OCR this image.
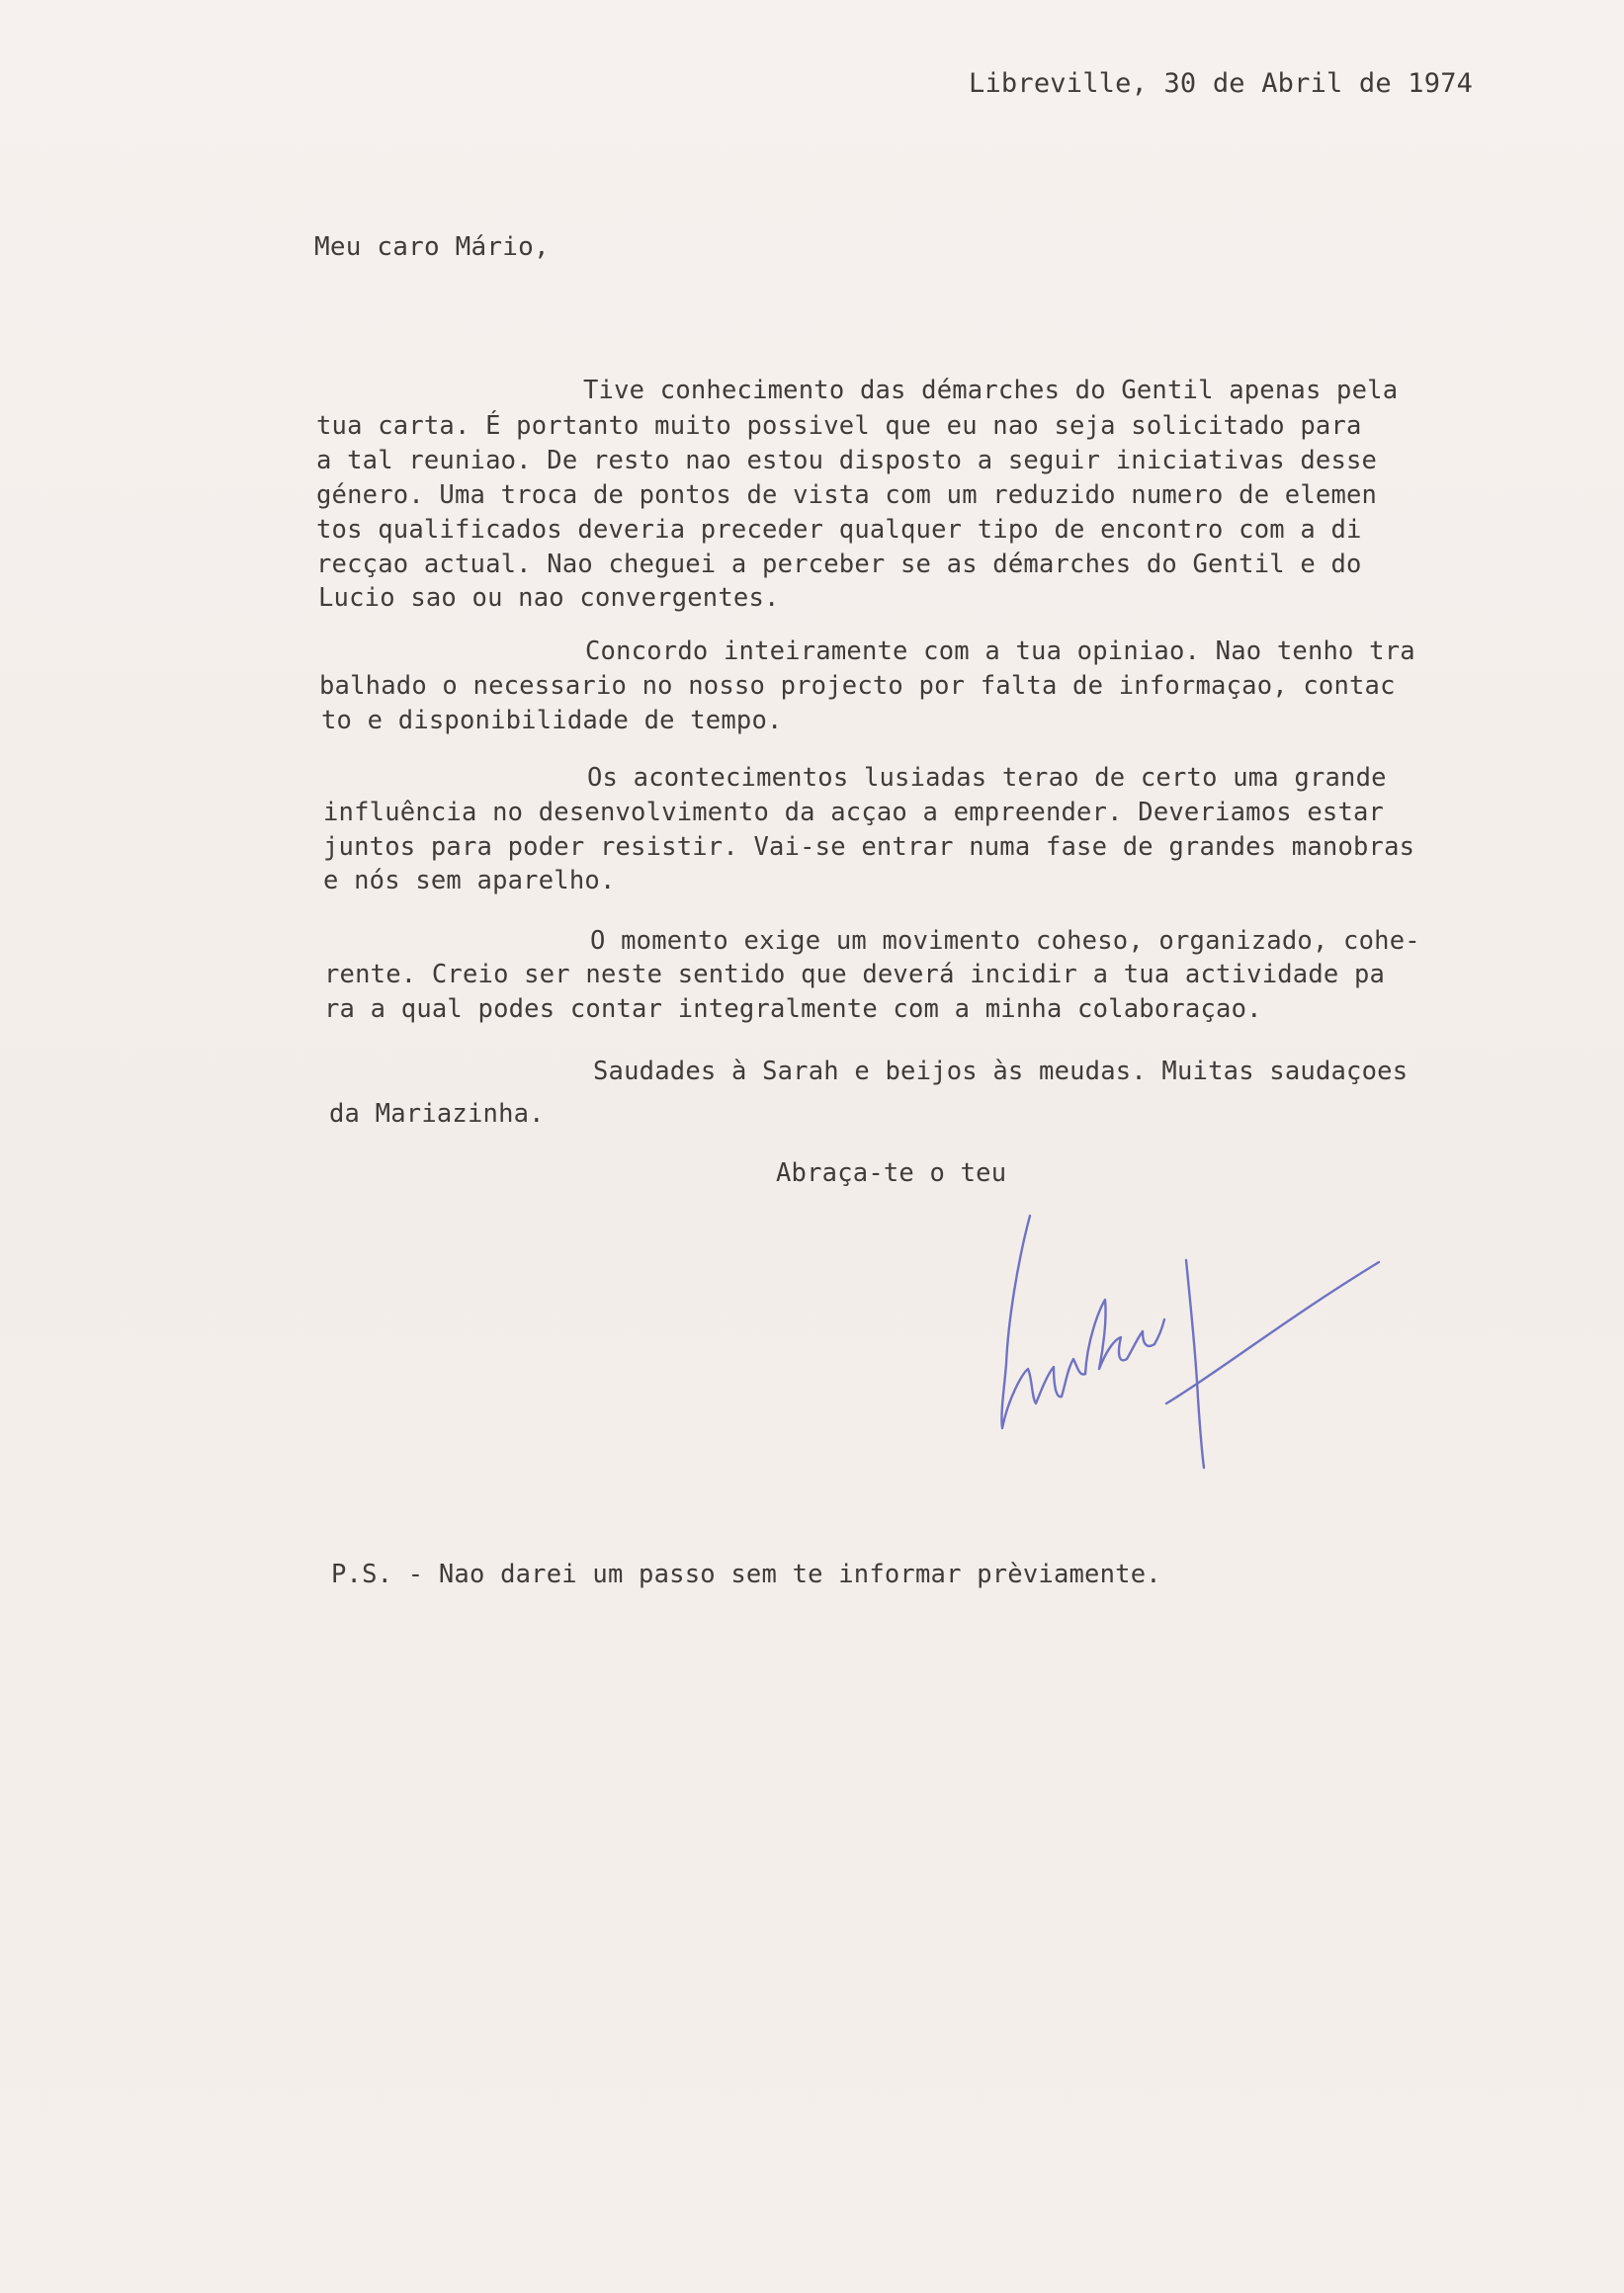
Libreville, 30 de Abril de 1974
Meu caro Mário,
Tive conhecimento das démarches do Gentil apenas pela
tua carta. É portanto muito possivel que eu nao seja solicitado para
a tal reuniao. De resto nao estou disposto a seguir iniciativas desse
género. Uma troca de pontos de vista com um reduzido numero de elemen
tos qualificados deveria preceder qualquer tipo de encontro com a di
recçao actual. Nao cheguei a perceber se as démarches do Gentil e do
Lucio sao ou nao convergentes.
Concordo inteiramente com a tua opiniao. Nao tenho tra
balhado o necessario no nosso projecto por falta de informaçao, contac
to e disponibilidade de tempo.
Os acontecimentos lusiadas terao de certo uma grande
influência no desenvolvimento da acçao a empreender. Deveriamos estar
juntos para poder resistir. Vai-se entrar numa fase de grandes manobras
e nós sem aparelho.
O momento exige um movimento coheso, organizado, cohe-
rente. Creio ser neste sentido que deverá incidir a tua actividade pa
ra a qual podes contar integralmente com a minha colaboraçao.
Saudades à Sarah e beijos às meudas. Muitas saudaçoes
da Mariazinha.
Abraça-te o teu
P.S. - Nao darei um passo sem te informar prèviamente.
